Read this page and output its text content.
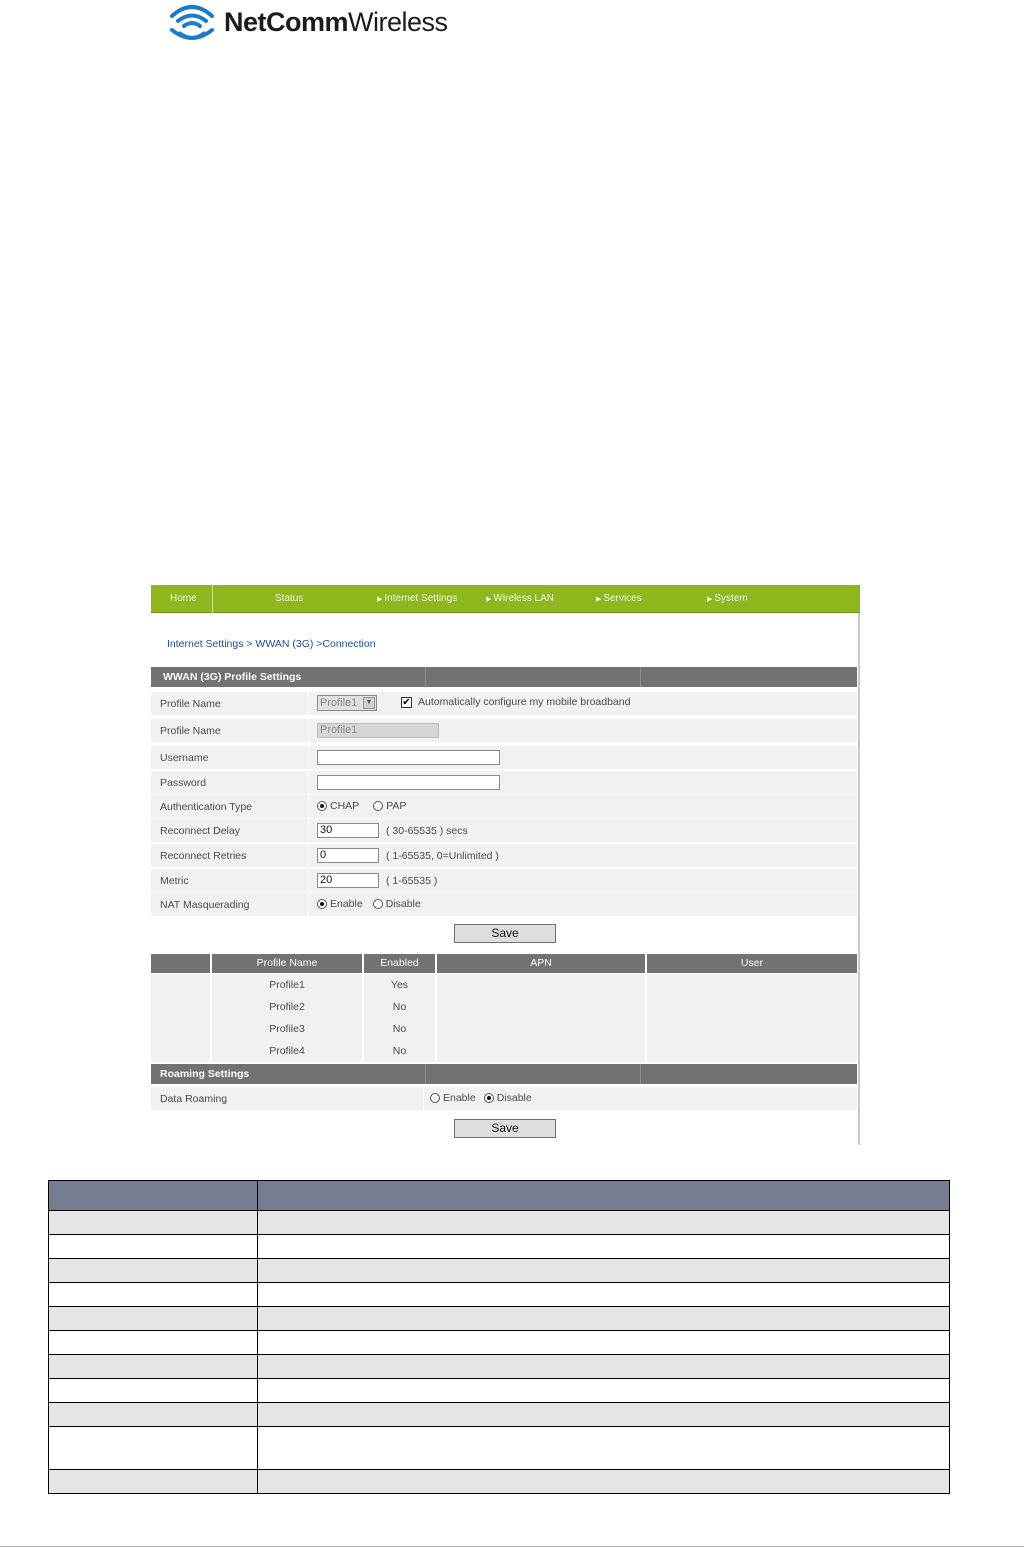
NetCommWireless
Home	Status	▶ Internet Settings	▶ Wireless LAN	▶ Services	▶ System
Internet Settings > WWAN (3G) >Connection
WWAN (3G) Profile Settings
Profile Name	Profile1	▼	✔ Automatically configure my mobile broadband
Profile Name	Profile1
Username
Password
Authentication Type	CHAP	PAP
Reconnect Delay	30	( 30-65535 ) secs
Reconnect Retries	0	( 1-65535, 0=Unlimited )
Metric	20	( 1-65535 )
NAT Masquerading	Enable Disable
Save
Profile Name	Enabled	APN	User
Profile1	Yes
Profile2	No
Profile3	No
Profile4	No
Roaming Settings
Data Roaming	Enable Disable
Save
